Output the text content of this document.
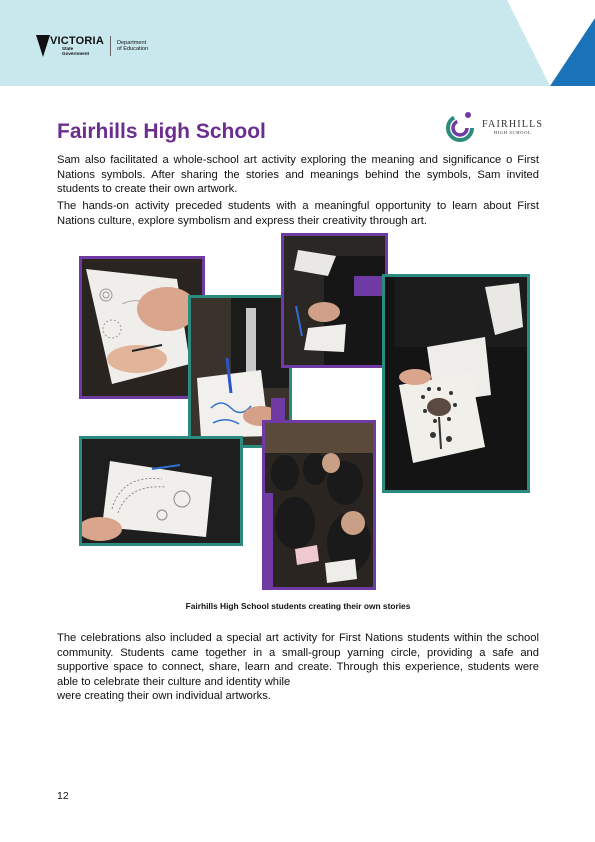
VICTORIA
State
Government
Department
of Education
Fairhills High School	FAIRHILLS
HIGH SCHOOL

Sam also facilitated a whole-school art activity exploring the meaning and significance o First Nations symbols. After sharing the stories and meanings behind the symbols, Sam invited students to create their own artwork.

The hands-on activity preceded students with a meaningful opportunity to learn about First Nations culture, explore symbolism and express their creativity through art.

Fairhills High School students creating their own stories

The celebrations also included a special art activity for First Nations students within the school community. Students came together in a small-group yarning circle, providing a safe and supportive space to connect, share, learn and create. Through this experience, students were able to celebrate their culture and identity while
were creating their own individual artworks.

12
